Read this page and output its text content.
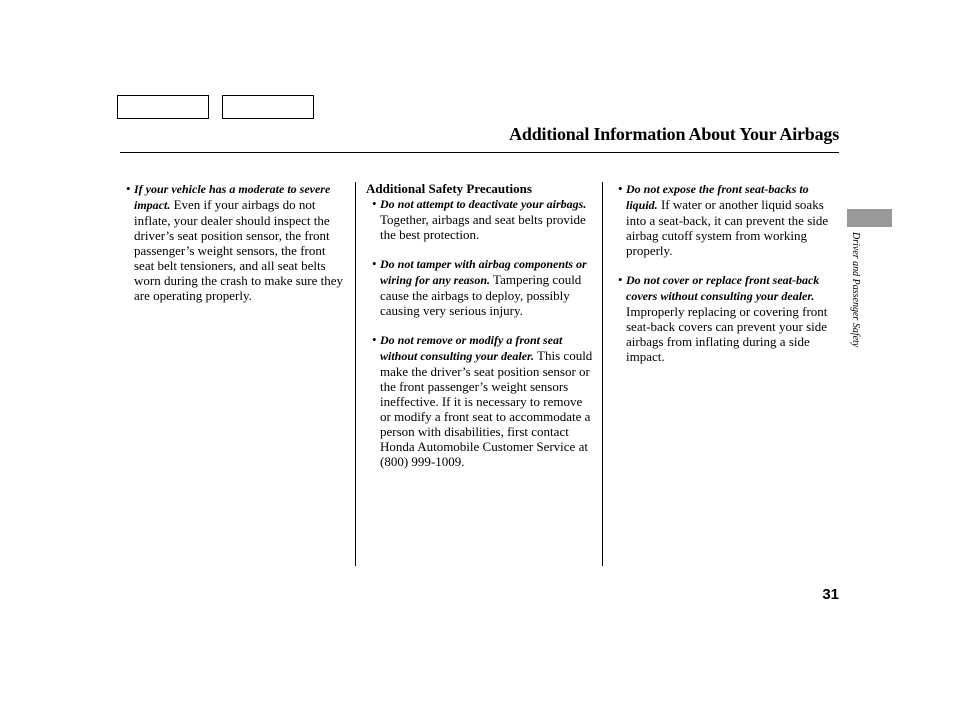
Additional Information About Your Airbags
• If your vehicle has a moderate to severe impact. Even if your airbags do not inflate, your dealer should inspect the driver’s seat position sensor, the front passenger’s weight sensors, the front seat belt tensioners, and all seat belts worn during the crash to make sure they are operating properly.
Additional Safety Precautions
• Do not attempt to deactivate your airbags. Together, airbags and seat belts provide the best protection.
• Do not tamper with airbag components or wiring for any reason. Tampering could cause the airbags to deploy, possibly causing very serious injury.
• Do not remove or modify a front seat without consulting your dealer. This could make the driver’s seat position sensor or the front passenger’s weight sensors ineffective. If it is necessary to remove or modify a front seat to accommodate a person with disabilities, first contact Honda Automobile Customer Service at (800) 999-1009.
• Do not expose the front seat-backs to liquid. If water or another liquid soaks into a seat-back, it can prevent the side airbag cutoff system from working properly.
• Do not cover or replace front seat-back covers without consulting your dealer. Improperly replacing or covering front seat-back covers can prevent your side airbags from inflating during a side impact.
Driver and Passenger Safety
31
